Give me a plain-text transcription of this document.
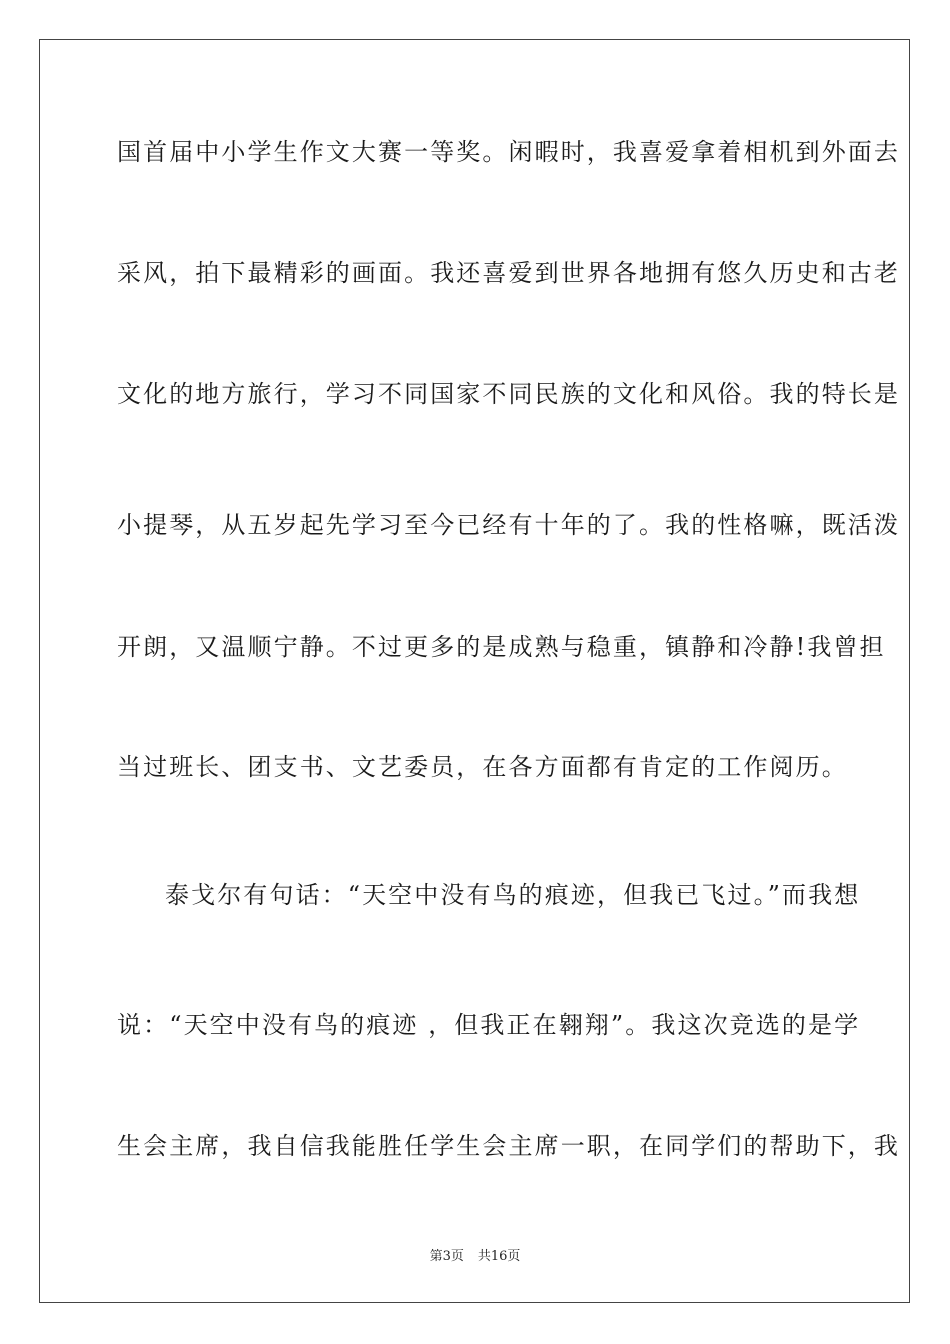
国首届中小学生作文大赛一等奖。闲暇时，我喜爱拿着相机到外面去
采风，拍下最精彩的画面。我还喜爱到世界各地拥有悠久历史和古老
文化的地方旅行，学习不同国家不同民族的文化和风俗。我的特长是
小提琴，从五岁起先学习至今已经有十年的了。我的性格嘛，既活泼
开朗，又温顺宁静。不过更多的是成熟与稳重，镇静和冷静!我曾担
当过班长、团支书、文艺委员，在各方面都有肯定的工作阅历。
泰戈尔有句话：“天空中没有鸟的痕迹，但我已飞过。”而我想
说：“天空中没有鸟的痕迹 ，但我正在翱翔”。我这次竞选的是学
生会主席，我自信我能胜任学生会主席一职，在同学们的帮助下，我
第3页 共16页
